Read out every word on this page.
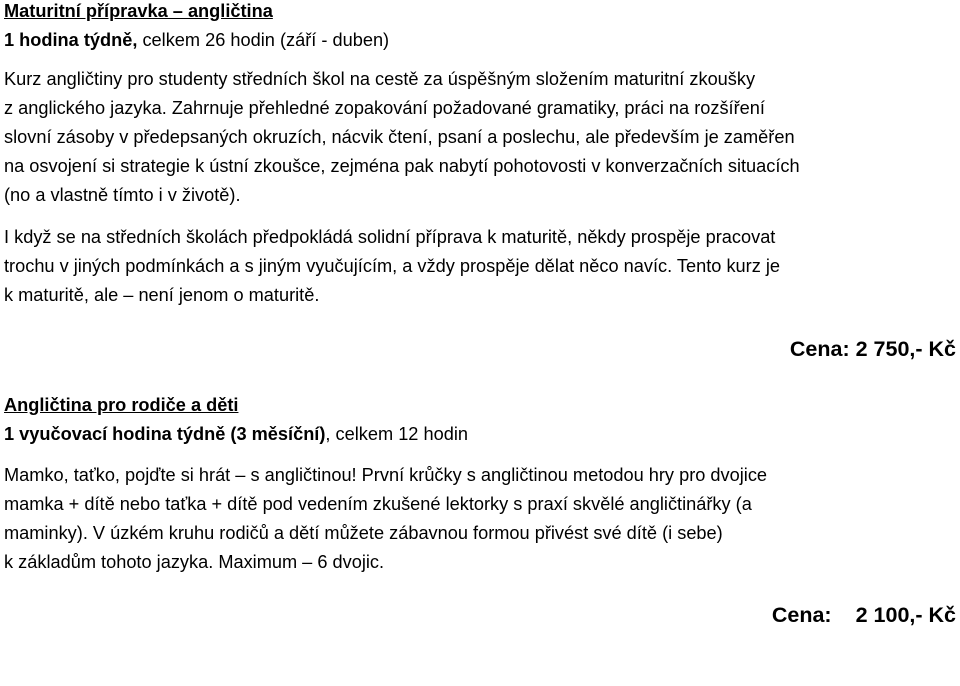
Maturitní přípravka – angličtina
1 hodina týdně, celkem 26 hodin (září - duben)
Kurz angličtiny pro studenty středních škol na cestě za úspěšným složením maturitní zkoušky
z anglického jazyka. Zahrnuje přehledné zopakování požadované gramatiky, práci na rozšíření
slovní zásoby v předepsaných okruzích, nácvik čtení, psaní a poslechu, ale především je zaměřen
na osvojení si strategie k ústní zkoušce, zejména pak nabytí pohotovosti v konverzačních situacích
(no a vlastně tímto i v životě).
I když se na středních školách předpokládá solidní příprava k maturitě, někdy prospěje pracovat
trochu v jiných podmínkách a s jiným vyučujícím, a vždy prospěje dělat něco navíc. Tento kurz je
k maturitě, ale – není jenom o maturitě.
Cena: 2 750,- Kč
Angličtina pro rodiče a děti
1 vyučovací hodina týdně (3 měsíční), celkem 12 hodin
Mamko, taťko, pojďte si hrát – s angličtinou! První krůčky s angličtinou metodou hry pro dvojice
mamka + dítě nebo taťka + dítě pod vedením zkušené lektorky s praxí skvělé angličtinářky (a
maminky). V úzkém kruhu rodičů a dětí můžete zábavnou formou přivést své dítě (i sebe)
k základům tohoto jazyka. Maximum – 6 dvojic.
Cena: 2 100,- Kč
